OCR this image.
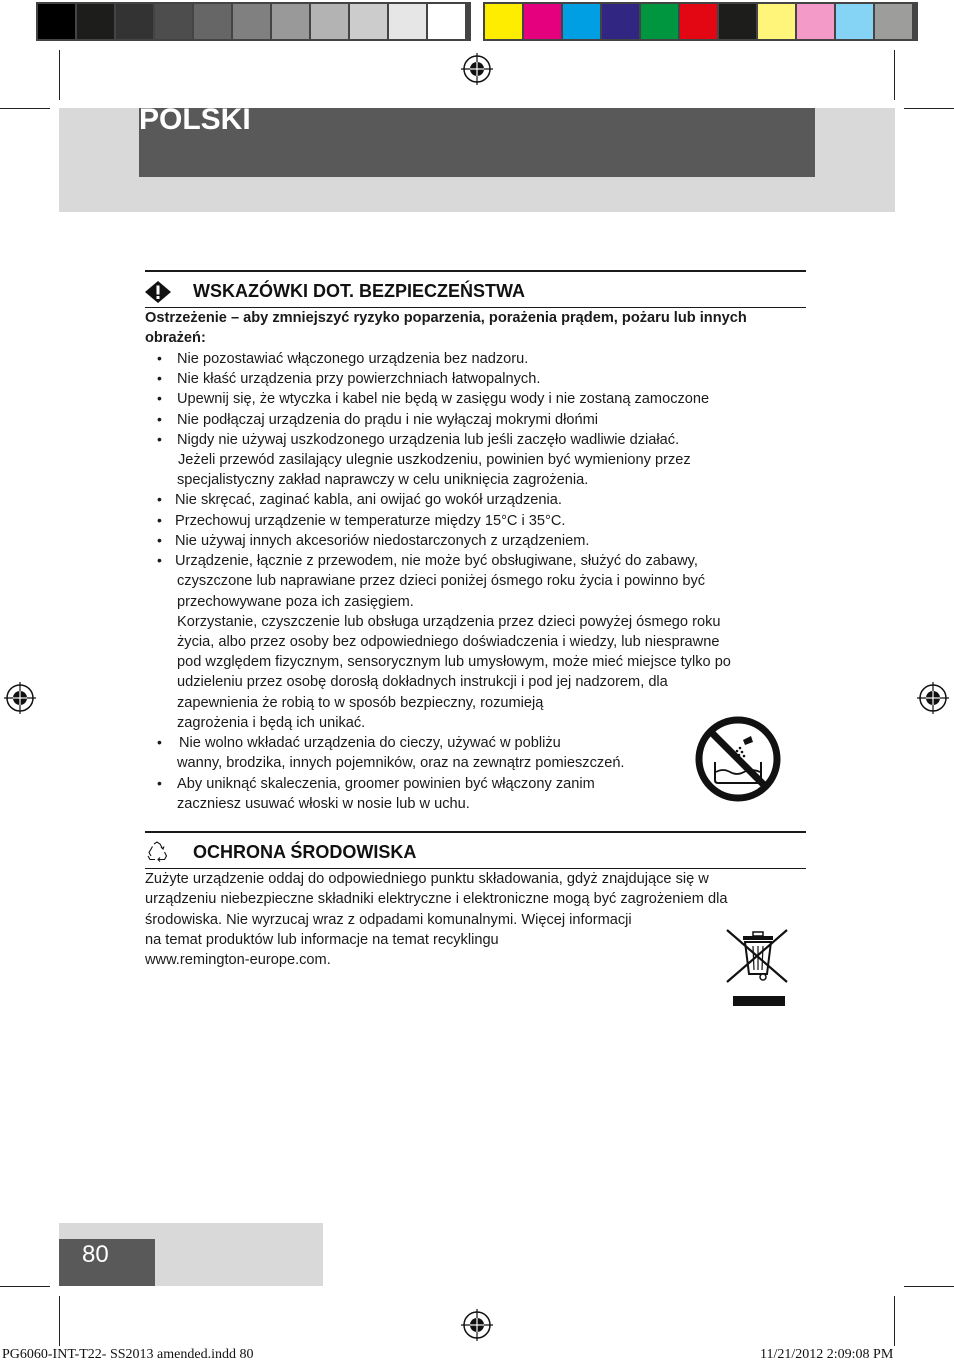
POLSKI
WSKAZÓWKI DOT. BEZPIECZEŃSTWA
Ostrzeżenie – aby zmniejszyć ryzyko poparzenia, porażenia prądem, pożaru lub innych
obrażeń:
• Nie pozostawiać włączonego urządzenia bez nadzoru.
• Nie kłaść urządzenia przy powierzchniach łatwopalnych.
• Upewnij się, że wtyczka i kabel nie będą w zasięgu wody i nie zostaną zamoczone
• Nie podłączaj urządzenia do prądu i nie wyłączaj mokrymi dłońmi
• Nigdy nie używaj uszkodzonego urządzenia lub jeśli zaczęło wadliwie działać.
Jeżeli przewód zasilający ulegnie uszkodzeniu, powinien być wymieniony przez
specjalistyczny zakład naprawczy w celu uniknięcia zagrożenia.
• Nie skręcać, zaginać kabla, ani owijać go wokół urządzenia.
• Przechowuj urządzenie w temperaturze między 15°C i 35°C.
• Nie używaj innych akcesoriów niedostarczonych z urządzeniem.
• Urządzenie, łącznie z przewodem, nie może być obsługiwane, służyć do zabawy,
czyszczone lub naprawiane przez dzieci poniżej ósmego roku życia i powinno być
przechowywane poza ich zasięgiem.
Korzystanie, czyszczenie lub obsługa urządzenia przez dzieci powyżej ósmego roku
życia, albo przez osoby bez odpowiedniego doświadczenia i wiedzy, lub niesprawne
pod względem fizycznym, sensorycznym lub umysłowym, może mieć miejsce tylko po
udzieleniu przez osobę dorosłą dokładnych instrukcji i pod jej nadzorem, dla
zapewnienia że robią to w sposób bezpieczny, rozumieją
zagrożenia i będą ich unikać.
• Nie wolno wkładać urządzenia do cieczy, używać w pobliżu
wanny, brodzika, innych pojemników, oraz na zewnątrz pomieszczeń.
• Aby uniknąć skaleczenia, groomer powinien być włączony zanim
zaczniesz usuwać włoski w nosie lub w uchu.
OCHRONA ŚRODOWISKA
Zużyte urządzenie oddaj do odpowiedniego punktu składowania, gdyż znajdujące się w
urządzeniu niebezpieczne składniki elektryczne i elektroniczne mogą być zagrożeniem dla
środowiska. Nie wyrzucaj wraz z odpadami komunalnymi. Więcej informacji
na temat produktów lub informacje na temat recyklingu
www.remington-europe.com.
80
PG6060-INT-T22- SS2013 amended.indd 80	11/21/2012 2:09:08 PM
